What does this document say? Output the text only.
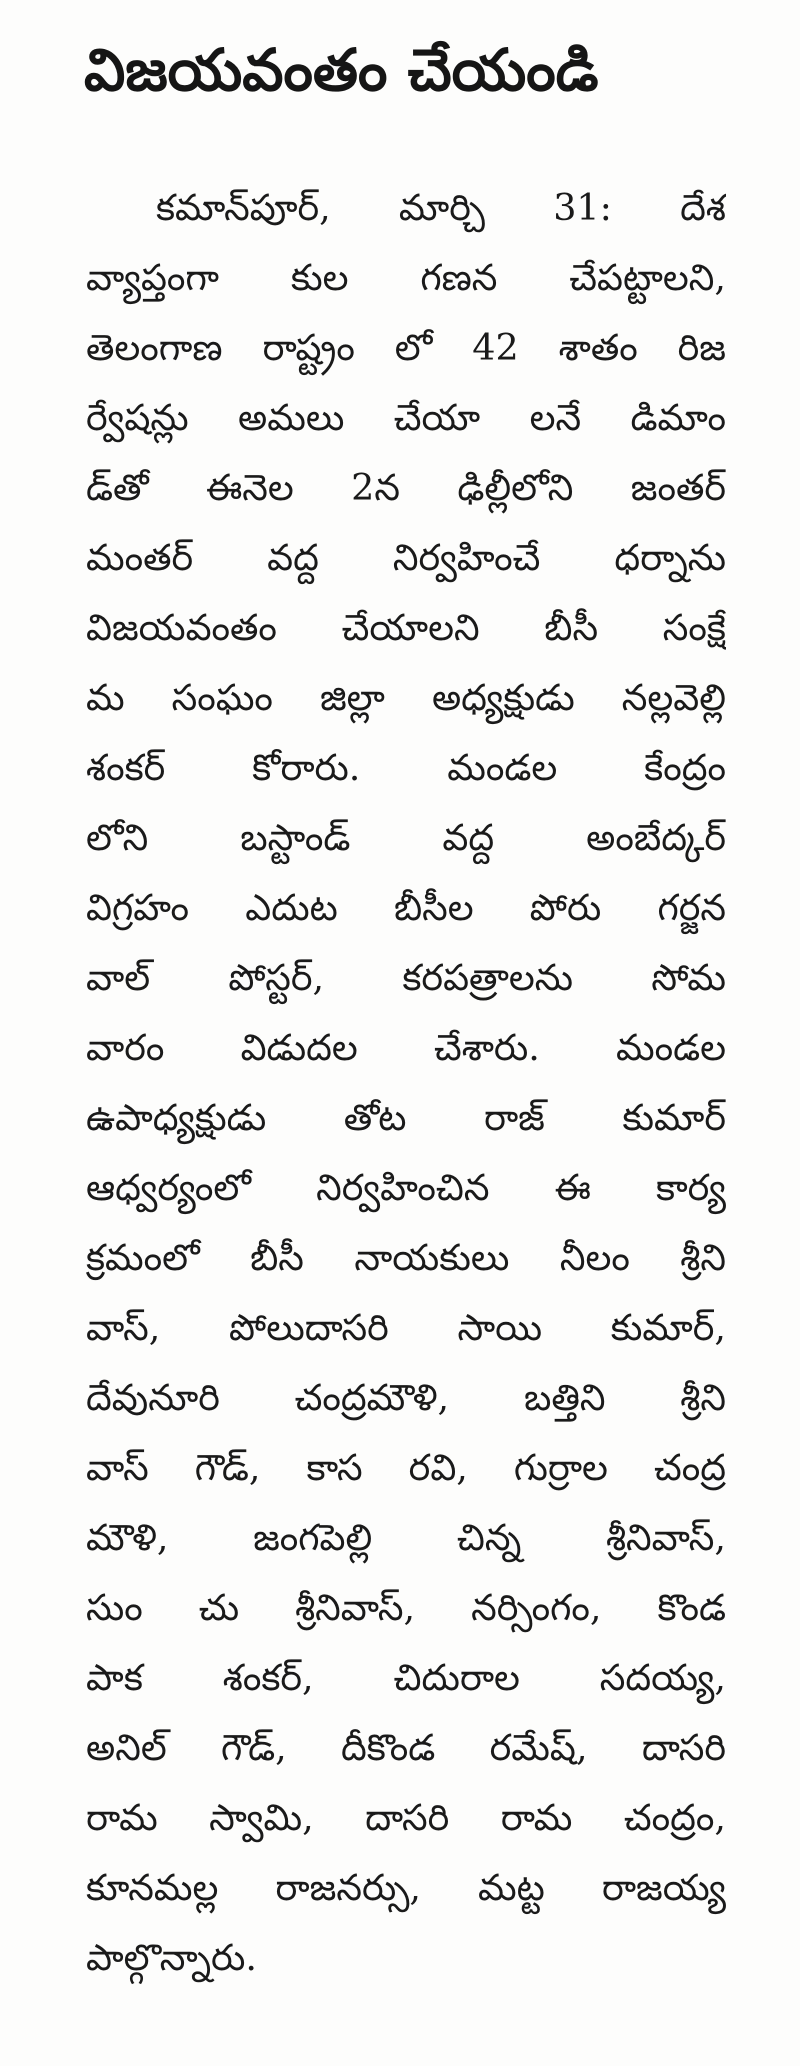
విజయవంతం చేయండి
కమాన్‌పూర్, మార్చి 31: దేశ
వ్యాప్తంగా కుల గణన చేపట్టాలని,
తెలంగాణ రాష్ట్రం లో 42 శాతం రిజ
ర్వేషన్లు అమలు చేయా లనే డిమాం
డ్‌తో ఈనెల 2న ఢిల్లీలోని జంతర్
మంతర్ వద్ద నిర్వహించే ధర్నాను
విజయవంతం చేయాలని బీసీ సంక్షే
మ సంఘం జిల్లా అధ్యక్షుడు నల్లవెల్లి
శంకర్ కోరారు. మండల కేంద్రం
లోని బస్టాండ్ వద్ద అంబేద్కర్
విగ్రహం ఎదుట బీసీల పోరు గర్జన
వాల్ పోస్టర్, కరపత్రాలను సోమ
వారం విడుదల చేశారు. మండల
ఉపాధ్యక్షుడు తోట రాజ్ కుమార్
ఆధ్వర్యంలో నిర్వహించిన ఈ కార్య
క్రమంలో బీసీ నాయకులు నీలం శ్రీని
వాస్, పోలుదాసరి సాయి కుమార్,
దేవునూరి చంద్రమౌళి, బత్తిని శ్రీని
వాస్ గౌడ్, కాస రవి, గుర్రాల చంద్ర
మౌళి, జంగపెల్లి చిన్న శ్రీనివాస్,
సుం చు శ్రీనివాస్, నర్సింగం, కొండ
పాక శంకర్, చిదురాల సదయ్య,
అనిల్ గౌడ్, దీకొండ రమేష్, దాసరి
రామ స్వామి, దాసరి రామ చంద్రం,
కూనమల్ల రాజనర్సు, మట్ట రాజయ్య
పాల్గొన్నారు.
